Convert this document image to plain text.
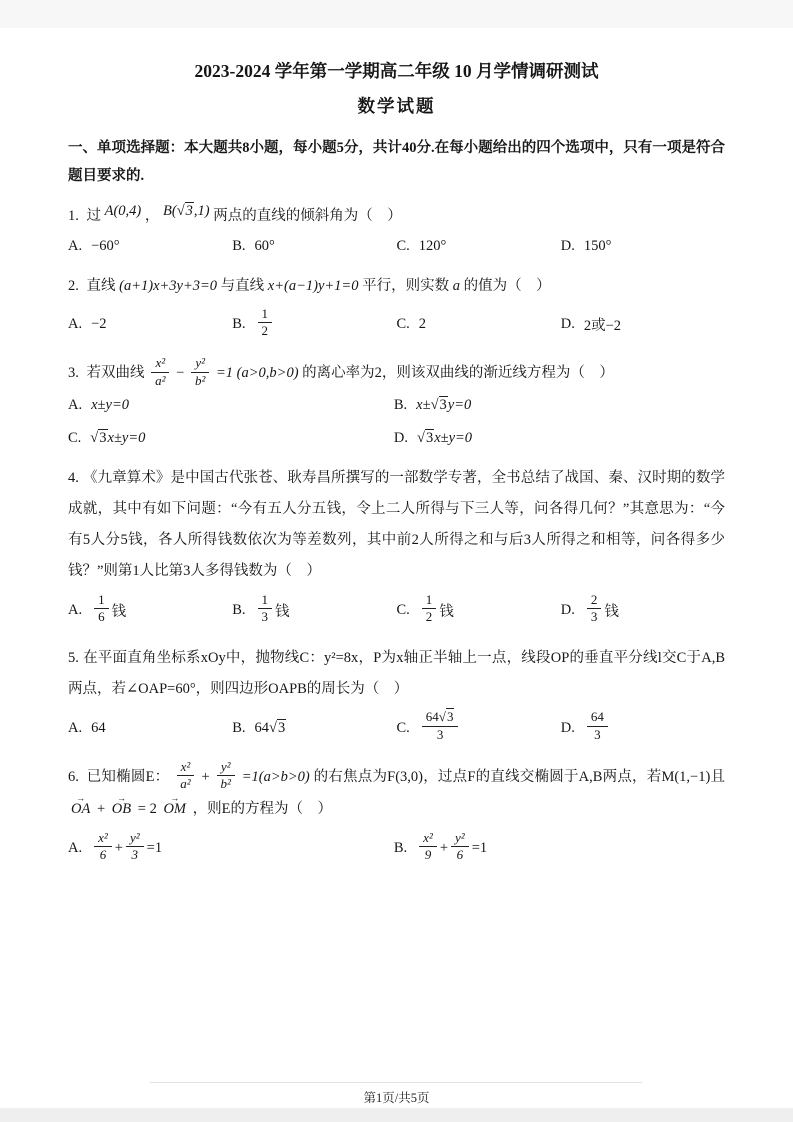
2023-2024 学年第一学期高二年级 10 月学情调研测试
数学试题

一、单项选择题：本大题共8小题，每小题5分，共计40分.在每小题给出的四个选项中，只有一项是符合题目要求的.

1. 过 A(0,4) ， B( √ 3,1) 两点的直线的倾斜角为（　）
A. −60°	B. 60°	C. 120°	D. 150°
2. 直线 (a+1)x+3y+3=0 与直线 x+(a−1)y+1=0 平行，则实数 a 的值为（　）
A. −2	B. $\frac{1}{2}$	C. 2	D. 2或−2
3. 若双曲线 $\frac{\text{x²}}{\text{a²}} - \frac{\text{y²}}{\text{b²}} =1$ (a>0,b>0) 的离心率为2，则该双曲线的渐近线方程为（　）
A. x±y=0	B. x± √ 3 y=0
C.	√ 3 x±y=0	D.	√ 3 x±y=0
4. 《九章算术》是中国古代张苍、耿寿昌所撰写的一部数学专著，全书总结了战国、秦、汉时期的数学成就，其中有如下问题：“今有五人分五钱，令上二人所得与下三人等，问各得几何？”其意思为：“今有5人分5钱，各人所得钱数依次为等差数列，其中前2人所得之和与后3人所得之和相等，问各得多少钱？”则第1人比第3人多得钱数为（　）
A. $\frac{1}{6}$ 钱	B. $\frac{1}{3}$ 钱	C. $\frac{1}{2}$ 钱	D. $\frac{2}{3}$ 钱
5. 在平面直角坐标系xOy中，抛物线C：y²=8x，P为x轴正半轴上一点，线段OP的垂直平分线l交C于A,B两点，若∠OAP=60°，则四边形OAPB的周长为（　）
A. 64	B. 64 √ 3	C. $\frac{64 √ 3}{3}$	D. $\frac{64}{3}$
6. 已知椭圆E： $\frac{\text{x²}}{\text{a²}} + \frac{\text{y²}}{\text{b²}} =1(a>b>0)$ 的右焦点为F(3,0)，过点F的直线交椭圆于A,B两点，若M(1,−1)且 OA → + OB → = 2 OM → ，则E的方程为（　）
A. $\frac{\text{x²}}{6} + \frac{\text{y²}}{3} =1$	B. $\frac{\text{x²}}{9} + \frac{\text{y²}}{6} =1$
第1页/共5页
